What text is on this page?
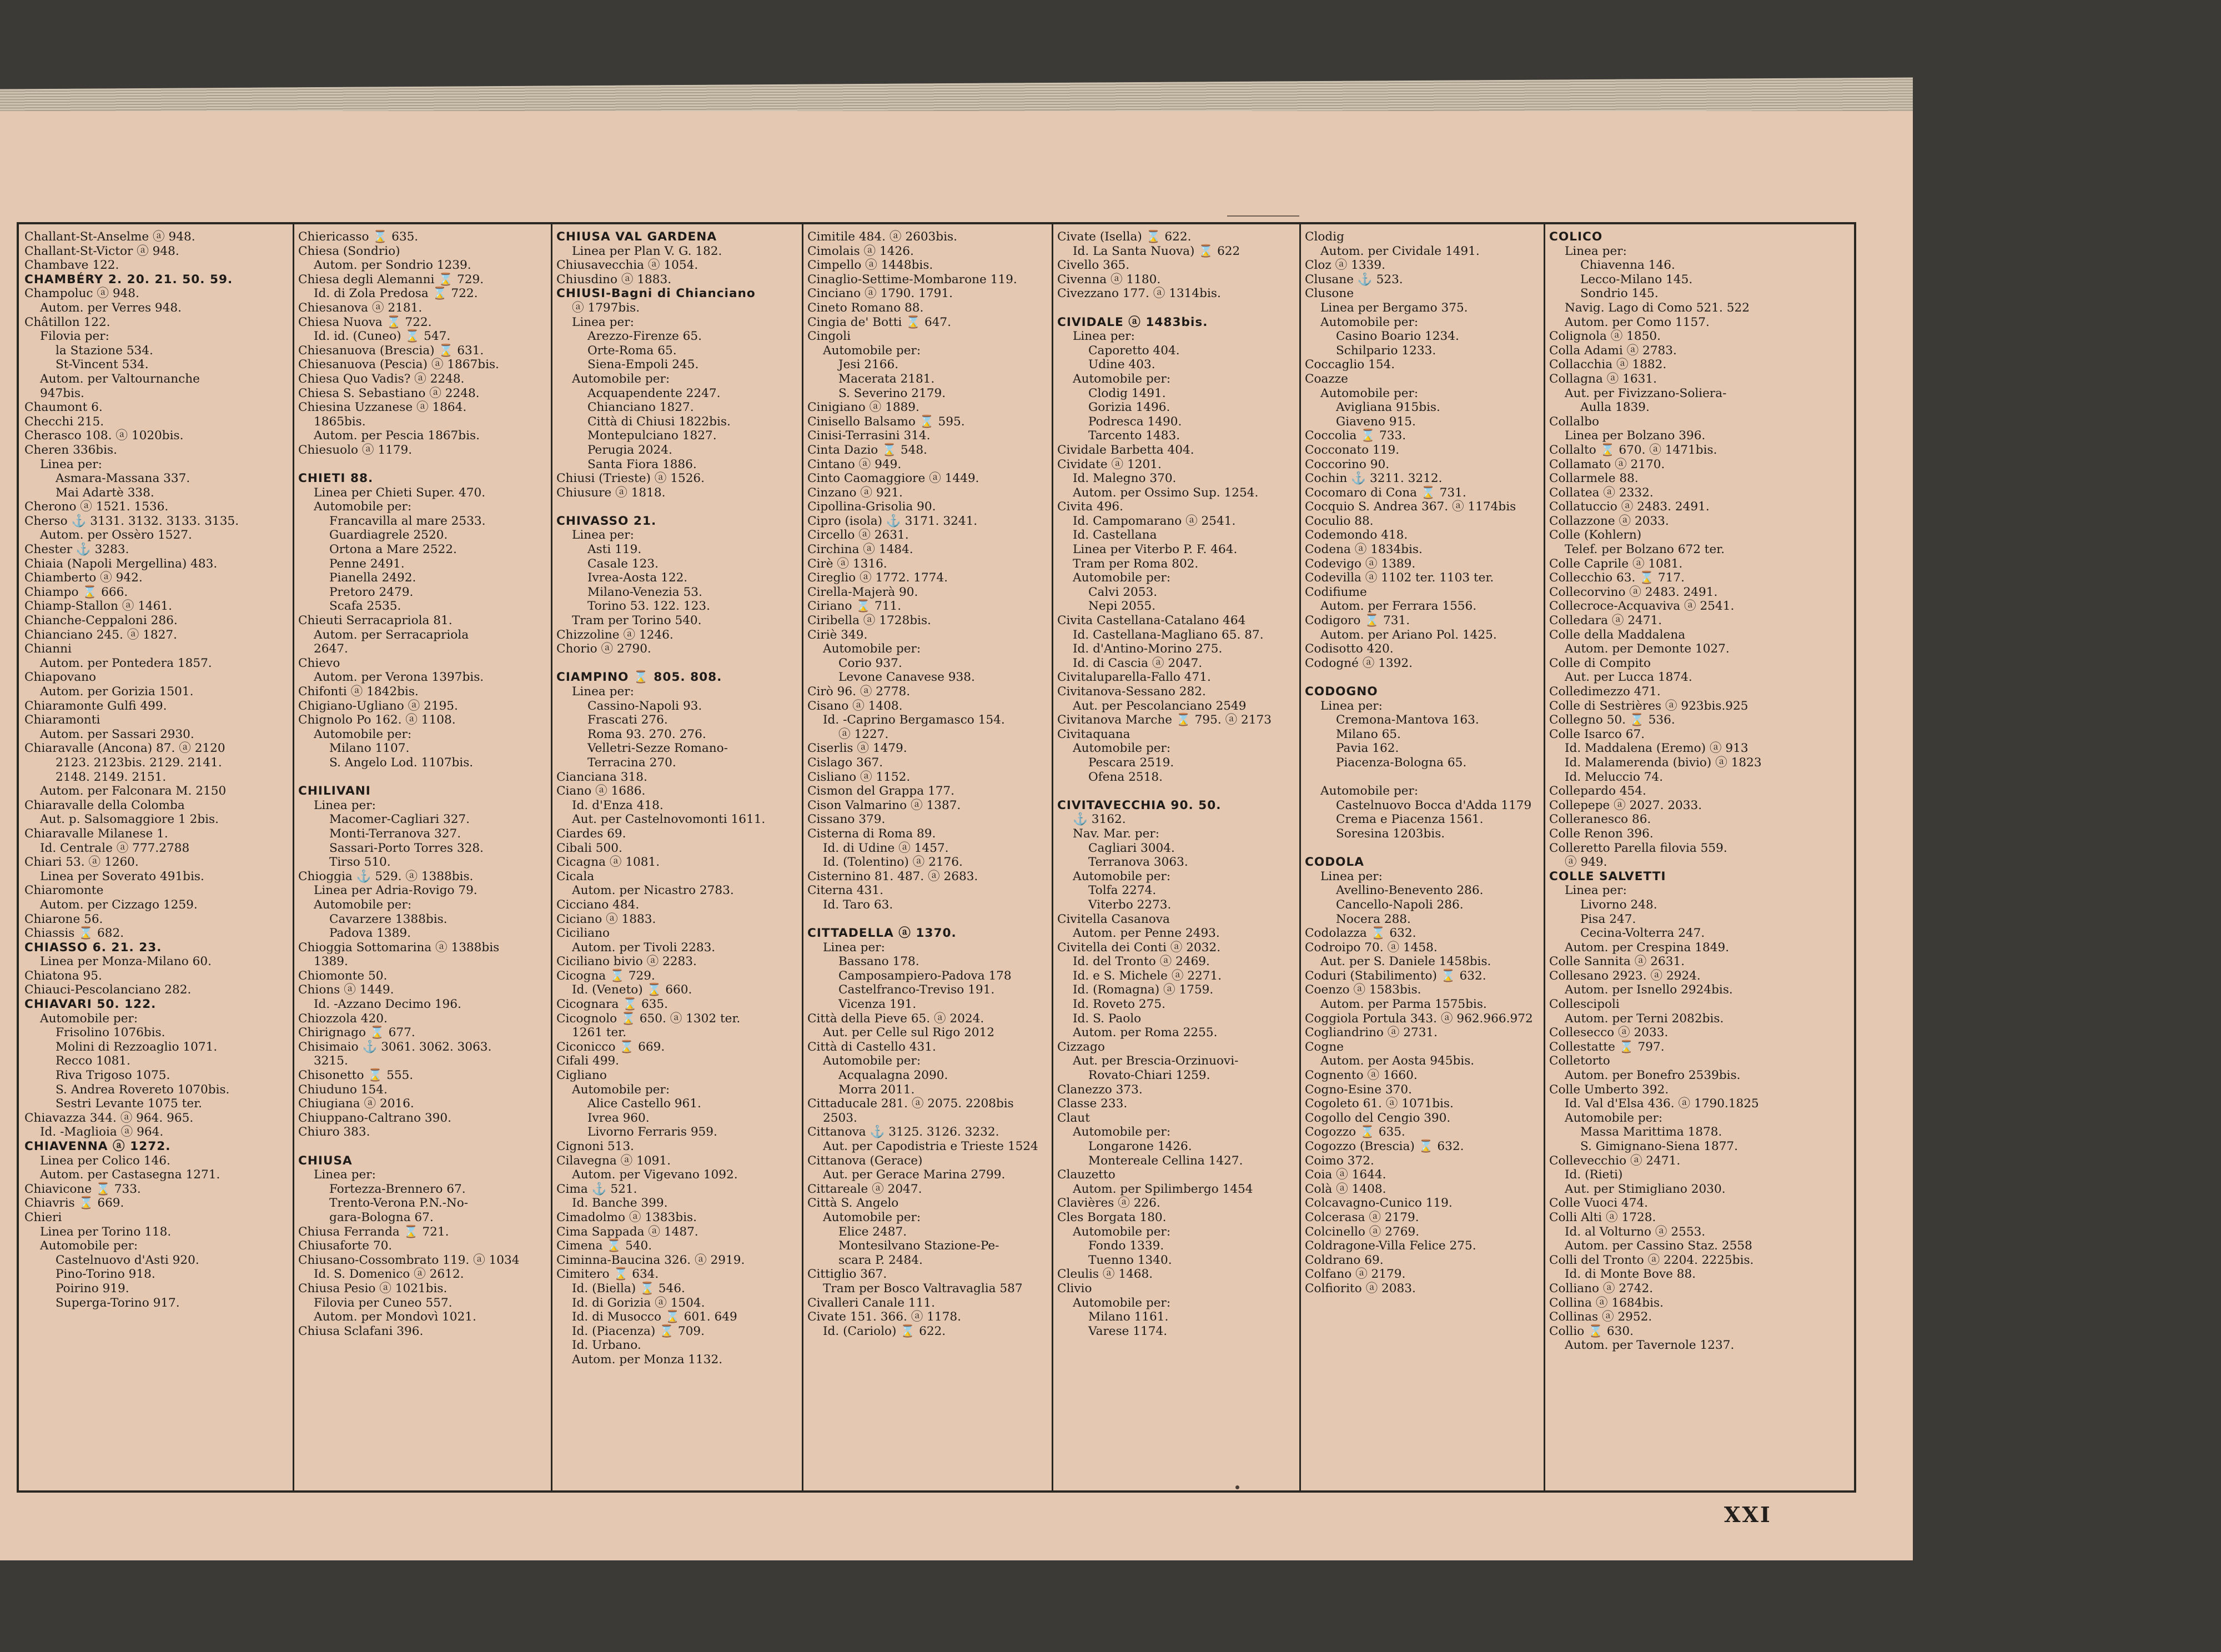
Challant-St-Anselme ⓐ 948.
Challant-St-Victor ⓐ 948.
Chambave 122.
CHAMBÉRY 2. 20. 21. 50. 59.
Champoluc ⓐ 948.
Autom. per Verres 948.
Châtillon 122.
Filovia per:
la Stazione 534.
St-Vincent 534.
Autom. per Valtournanche
947bis.
Chaumont 6.
Checchi 215.
Cherasco 108. ⓐ 1020bis.
Cheren 336bis.
Linea per:
Asmara-Massana 337.
Mai Adartè 338.
Cherono ⓐ 1521. 1536.
Cherso ⚓ 3131. 3132. 3133. 3135.
Autom. per Ossèro 1527.
Chester ⚓ 3283.
Chiaia (Napoli Mergellina) 483.
Chiamberto ⓐ 942.
Chiampo ⌛ 666.
Chiamp-Stallon ⓐ 1461.
Chianche-Ceppaloni 286.
Chianciano 245. ⓐ 1827.
Chianni
Autom. per Pontedera 1857.
Chiapovano
Autom. per Gorizia 1501.
Chiaramonte Gulfi 499.
Chiaramonti
Autom. per Sassari 2930.
Chiaravalle (Ancona) 87. ⓐ 2120
2123. 2123bis. 2129. 2141.
2148. 2149. 2151.
Autom. per Falconara M. 2150
Chiaravalle della Colomba
Aut. p. Salsomaggiore 1 2bis.
Chiaravalle Milanese 1.
Id. Centrale ⓐ 777.2788
Chiari 53. ⓐ 1260.
Linea per Soverato 491bis.
Chiaromonte
Autom. per Cizzago 1259.
Chiarone 56.
Chiassis ⌛ 682.
CHIASSO 6. 21. 23.
Linea per Monza-Milano 60.
Chiatona 95.
Chiauci-Pescolanciano 282.
CHIAVARI 50. 122.
Automobile per:
Frisolino 1076bis.
Molini di Rezzoaglio 1071.
Recco 1081.
Riva Trigoso 1075.
S. Andrea Rovereto 1070bis.
Sestri Levante 1075 ter.
Chiavazza 344. ⓐ 964. 965.
Id. -Maglioia ⓐ 964.
CHIAVENNA ⓐ 1272.
Linea per Colico 146.
Autom. per Castasegna 1271.
Chiavicone ⌛ 733.
Chiavris ⌛ 669.
Chieri
Linea per Torino 118.
Automobile per:
Castelnuovo d'Asti 920.
Pino-Torino 918.
Poirino 919.
Superga-Torino 917.
Chiericasso ⌛ 635.
Chiesa (Sondrio)
Autom. per Sondrio 1239.
Chiesa degli Alemanni ⌛ 729.
Id. di Zola Predosa ⌛ 722.
Chiesanova ⓐ 2181.
Chiesa Nuova ⌛ 722.
Id. id. (Cuneo) ⌛ 547.
Chiesanuova (Brescia) ⌛ 631.
Chiesanuova (Pescia) ⓐ 1867bis.
Chiesa Quo Vadis? ⓐ 2248.
Chiesa S. Sebastiano ⓐ 2248.
Chiesina Uzzanese ⓐ 1864.
1865bis.
Autom. per Pescia 1867bis.
Chiesuolo ⓐ 1179.
CHIETI 88.
Linea per Chieti Super. 470.
Automobile per:
Francavilla al mare 2533.
Guardiagrele 2520.
Ortona a Mare 2522.
Penne 2491.
Pianella 2492.
Pretoro 2479.
Scafa 2535.
Chieuti Serracapriola 81.
Autom. per Serracapriola
2647.
Chievo
Autom. per Verona 1397bis.
Chifonti ⓐ 1842bis.
Chigiano-Ugliano ⓐ 2195.
Chignolo Po 162. ⓐ 1108.
Automobile per:
Milano 1107.
S. Angelo Lod. 1107bis.
CHILIVANI
Linea per:
Macomer-Cagliari 327.
Monti-Terranova 327.
Sassari-Porto Torres 328.
Tirso 510.
Chioggia ⚓ 529. ⓐ 1388bis.
Linea per Adria-Rovigo 79.
Automobile per:
Cavarzere 1388bis.
Padova 1389.
Chioggia Sottomarina ⓐ 1388bis
1389.
Chiomonte 50.
Chions ⓐ 1449.
Id. -Azzano Decimo 196.
Chiozzola 420.
Chirignago ⌛ 677.
Chisimaio ⚓ 3061. 3062. 3063.
3215.
Chisonetto ⌛ 555.
Chiuduno 154.
Chiugiana ⓐ 2016.
Chiuppano-Caltrano 390.
Chiuro 383.
CHIUSA
Linea per:
Fortezza-Brennero 67.
Trento-Verona P.N.-No-
gara-Bologna 67.
Chiusa Ferranda ⌛ 721.
Chiusaforte 70.
Chiusano-Cossombrato 119. ⓐ 1034
Id. S. Domenico ⓐ 2612.
Chiusa Pesio ⓐ 1021bis.
Filovia per Cuneo 557.
Autom. per Mondovì 1021.
Chiusa Sclafani 396.
CHIUSA VAL GARDENA
Linea per Plan V. G. 182.
Chiusavecchia ⓐ 1054.
Chiusdino ⓐ 1883.
CHIUSI-Bagni di Chianciano
ⓐ 1797bis.
Linea per:
Arezzo-Firenze 65.
Orte-Roma 65.
Siena-Empoli 245.
Automobile per:
Acquapendente 2247.
Chianciano 1827.
Città di Chiusi 1822bis.
Montepulciano 1827.
Perugia 2024.
Santa Fiora 1886.
Chiusi (Trieste) ⓐ 1526.
Chiusure ⓐ 1818.
CHIVASSO 21.
Linea per:
Asti 119.
Casale 123.
Ivrea-Aosta 122.
Milano-Venezia 53.
Torino 53. 122. 123.
Tram per Torino 540.
Chizzoline ⓐ 1246.
Chorio ⓐ 2790.
CIAMPINO ⌛ 805. 808.
Linea per:
Cassino-Napoli 93.
Frascati 276.
Roma 93. 270. 276.
Velletri-Sezze Romano-
Terracina 270.
Cianciana 318.
Ciano ⓐ 1686.
Id. d'Enza 418.
Aut. per Castelnovomonti 1611.
Ciardes 69.
Cibali 500.
Cicagna ⓐ 1081.
Cicala
Autom. per Nicastro 2783.
Cicciano 484.
Ciciano ⓐ 1883.
Ciciliano
Autom. per Tivoli 2283.
Ciciliano bivio ⓐ 2283.
Cicogna ⌛ 729.
Id. (Veneto) ⌛ 660.
Cicognara ⌛ 635.
Cicognolo ⌛ 650. ⓐ 1302 ter.
1261 ter.
Ciconicco ⌛ 669.
Cifali 499.
Cigliano
Automobile per:
Alice Castello 961.
Ivrea 960.
Livorno Ferraris 959.
Cignoni 513.
Cilavegna ⓐ 1091.
Autom. per Vigevano 1092.
Cima ⚓ 521.
Id. Banche 399.
Cimadolmo ⓐ 1383bis.
Cima Sappada ⓐ 1487.
Cimena ⌛ 540.
Ciminna-Baucina 326. ⓐ 2919.
Cimitero ⌛ 634.
Id. (Biella) ⌛ 546.
Id. di Gorizia ⓐ 1504.
Id. di Musocco ⌛ 601. 649
Id. (Piacenza) ⌛ 709.
Id. Urbano.
Autom. per Monza 1132.
Cimitile 484. ⓐ 2603bis.
Cimolais ⓐ 1426.
Cimpello ⓐ 1448bis.
Cinaglio-Settime-Mombarone 119.
Cinciano ⓐ 1790. 1791.
Cineto Romano 88.
Cingia de' Botti ⌛ 647.
Cingoli
Automobile per:
Jesi 2166.
Macerata 2181.
S. Severino 2179.
Cinigiano ⓐ 1889.
Cinisello Balsamo ⌛ 595.
Cinisi-Terrasini 314.
Cinta Dazio ⌛ 548.
Cintano ⓐ 949.
Cinto Caomaggiore ⓐ 1449.
Cinzano ⓐ 921.
Cipollina-Grisolia 90.
Cipro (isola) ⚓ 3171. 3241.
Circello ⓐ 2631.
Circhina ⓐ 1484.
Cirè ⓐ 1316.
Cireglio ⓐ 1772. 1774.
Cirella-Majerà 90.
Ciriano ⌛ 711.
Ciribella ⓐ 1728bis.
Ciriè 349.
Automobile per:
Corio 937.
Levone Canavese 938.
Cirò 96. ⓐ 2778.
Cisano ⓐ 1408.
Id. -Caprino Bergamasco 154.
ⓐ 1227.
Ciserlis ⓐ 1479.
Cislago 367.
Cisliano ⓐ 1152.
Cismon del Grappa 177.
Cison Valmarino ⓐ 1387.
Cissano 379.
Cisterna di Roma 89.
Id. di Udine ⓐ 1457.
Id. (Tolentino) ⓐ 2176.
Cisternino 81. 487. ⓐ 2683.
Citerna 431.
Id. Taro 63.
CITTADELLA ⓐ 1370.
Linea per:
Bassano 178.
Camposampiero-Padova 178
Castelfranco-Treviso 191.
Vicenza 191.
Città della Pieve 65. ⓐ 2024.
Aut. per Celle sul Rigo 2012
Città di Castello 431.
Automobile per:
Acqualagna 2090.
Morra 2011.
Cittaducale 281. ⓐ 2075. 2208bis
2503.
Cittanova ⚓ 3125. 3126. 3232.
Aut. per Capodistria e Trieste 1524
Cittanova (Gerace)
Aut. per Gerace Marina 2799.
Cittareale ⓐ 2047.
Città S. Angelo
Automobile per:
Elice 2487.
Montesilvano Stazione-Pe-
scara P. 2484.
Cittiglio 367.
Tram per Bosco Valtravaglia 587
Civalleri Canale 111.
Civate 151. 366. ⓐ 1178.
Id. (Cariolo) ⌛ 622.
Civate (Isella) ⌛ 622.
Id. La Santa Nuova) ⌛ 622
Civello 365.
Civenna ⓐ 1180.
Civezzano 177. ⓐ 1314bis.
CIVIDALE ⓐ 1483bis.
Linea per:
Caporetto 404.
Udine 403.
Automobile per:
Clodig 1491.
Gorizia 1496.
Podresca 1490.
Tarcento 1483.
Cividale Barbetta 404.
Cividate ⓐ 1201.
Id. Malegno 370.
Autom. per Ossimo Sup. 1254.
Civita 496.
Id. Campomarano ⓐ 2541.
Id. Castellana
Linea per Viterbo P. F. 464.
Tram per Roma 802.
Automobile per:
Calvi 2053.
Nepi 2055.
Civita Castellana-Catalano 464
Id. Castellana-Magliano 65. 87.
Id. d'Antino-Morino 275.
Id. di Cascia ⓐ 2047.
Civitaluparella-Fallo 471.
Civitanova-Sessano 282.
Aut. per Pescolanciano 2549
Civitanova Marche ⌛ 795. ⓐ 2173
Civitaquana
Automobile per:
Pescara 2519.
Ofena 2518.
CIVITAVECCHIA 90. 50.
⚓ 3162.
Nav. Mar. per:
Cagliari 3004.
Terranova 3063.
Automobile per:
Tolfa 2274.
Viterbo 2273.
Civitella Casanova
Autom. per Penne 2493.
Civitella dei Conti ⓐ 2032.
Id. del Tronto ⓐ 2469.
Id. e S. Michele ⓐ 2271.
Id. (Romagna) ⓐ 1759.
Id. Roveto 275.
Id. S. Paolo
Autom. per Roma 2255.
Cizzago
Aut. per Brescia-Orzinuovi-
Rovato-Chiari 1259.
Clanezzo 373.
Classe 233.
Claut
Automobile per:
Longarone 1426.
Montereale Cellina 1427.
Clauzetto
Autom. per Spilimbergo 1454
Clavières ⓐ 226.
Cles Borgata 180.
Automobile per:
Fondo 1339.
Tuenno 1340.
Cleulis ⓐ 1468.
Clivio
Automobile per:
Milano 1161.
Varese 1174.
Clodig
Autom. per Cividale 1491.
Cloz ⓐ 1339.
Clusane ⚓ 523.
Clusone
Linea per Bergamo 375.
Automobile per:
Casino Boario 1234.
Schilpario 1233.
Coccaglio 154.
Coazze
Automobile per:
Avigliana 915bis.
Giaveno 915.
Coccolia ⌛ 733.
Cocconato 119.
Coccorino 90.
Cochin ⚓ 3211. 3212.
Cocomaro di Cona ⌛ 731.
Cocquio S. Andrea 367. ⓐ 1174bis
Coculio 88.
Codemondo 418.
Codena ⓐ 1834bis.
Codevigo ⓐ 1389.
Codevilla ⓐ 1102 ter. 1103 ter.
Codifiume
Autom. per Ferrara 1556.
Codigoro ⌛ 731.
Autom. per Ariano Pol. 1425.
Codisotto 420.
Codogné ⓐ 1392.
CODOGNO
Linea per:
Cremona-Mantova 163.
Milano 65.
Pavia 162.
Piacenza-Bologna 65.
Automobile per:
Castelnuovo Bocca d'Adda 1179
Crema e Piacenza 1561.
Soresina 1203bis.
CODOLA
Linea per:
Avellino-Benevento 286.
Cancello-Napoli 286.
Nocera 288.
Codolazza ⌛ 632.
Codroipo 70. ⓐ 1458.
Aut. per S. Daniele 1458bis.
Coduri (Stabilimento) ⌛ 632.
Coenzo ⓐ 1583bis.
Autom. per Parma 1575bis.
Coggiola Portula 343. ⓐ 962.966.972
Cogliandrino ⓐ 2731.
Cogne
Autom. per Aosta 945bis.
Cognento ⓐ 1660.
Cogno-Esine 370.
Cogoleto 61. ⓐ 1071bis.
Cogollo del Cengio 390.
Cogozzo ⌛ 635.
Cogozzo (Brescia) ⌛ 632.
Coimo 372.
Coia ⓐ 1644.
Colà ⓐ 1408.
Colcavagno-Cunico 119.
Colcerasa ⓐ 2179.
Colcinello ⓐ 2769.
Coldragone-Villa Felice 275.
Coldrano 69.
Colfano ⓐ 2179.
Colfiorito ⓐ 2083.
COLICO
Linea per:
Chiavenna 146.
Lecco-Milano 145.
Sondrio 145.
Navig. Lago di Como 521. 522
Autom. per Como 1157.
Colignola ⓐ 1850.
Colla Adami ⓐ 2783.
Collacchia ⓐ 1882.
Collagna ⓐ 1631.
Aut. per Fivizzano-Soliera-
Aulla 1839.
Collalbo
Linea per Bolzano 396.
Collalto ⌛ 670. ⓐ 1471bis.
Collamato ⓐ 2170.
Collarmele 88.
Collatea ⓐ 2332.
Collatuccio ⓐ 2483. 2491.
Collazzone ⓐ 2033.
Colle (Kohlern)
Telef. per Bolzano 672 ter.
Colle Caprile ⓐ 1081.
Collecchio 63. ⌛ 717.
Collecorvino ⓐ 2483. 2491.
Collecroce-Acquaviva ⓐ 2541.
Colledara ⓐ 2471.
Colle della Maddalena
Autom. per Demonte 1027.
Colle di Compito
Aut. per Lucca 1874.
Colledimezzo 471.
Colle di Sestrières ⓐ 923bis.925
Collegno 50. ⌛ 536.
Colle Isarco 67.
Id. Maddalena (Eremo) ⓐ 913
Id. Malamerenda (bivio) ⓐ 1823
Id. Meluccio 74.
Collepardo 454.
Collepepe ⓐ 2027. 2033.
Colleranesco 86.
Colle Renon 396.
Colleretto Parella filovia 559.
ⓐ 949.
COLLE SALVETTI
Linea per:
Livorno 248.
Pisa 247.
Cecina-Volterra 247.
Autom. per Crespina 1849.
Colle Sannita ⓐ 2631.
Collesano 2923. ⓐ 2924.
Autom. per Isnello 2924bis.
Collescipoli
Autom. per Terni 2082bis.
Collesecco ⓐ 2033.
Collestatte ⌛ 797.
Colletorto
Autom. per Bonefro 2539bis.
Colle Umberto 392.
Id. Val d'Elsa 436. ⓐ 1790.1825
Automobile per:
Massa Marittima 1878.
S. Gimignano-Siena 1877.
Collevecchio ⓐ 2471.
Id. (Rieti)
Aut. per Stimigliano 2030.
Colle Vuoci 474.
Colli Alti ⓐ 1728.
Id. al Volturno ⓐ 2553.
Autom. per Cassino Staz. 2558
Colli del Tronto ⓐ 2204. 2225bis.
Id. di Monte Bove 88.
Colliano ⓐ 2742.
Collina ⓐ 1684bis.
Collinas ⓐ 2952.
Collio ⌛ 630.
Autom. per Tavernole 1237.
XXI
